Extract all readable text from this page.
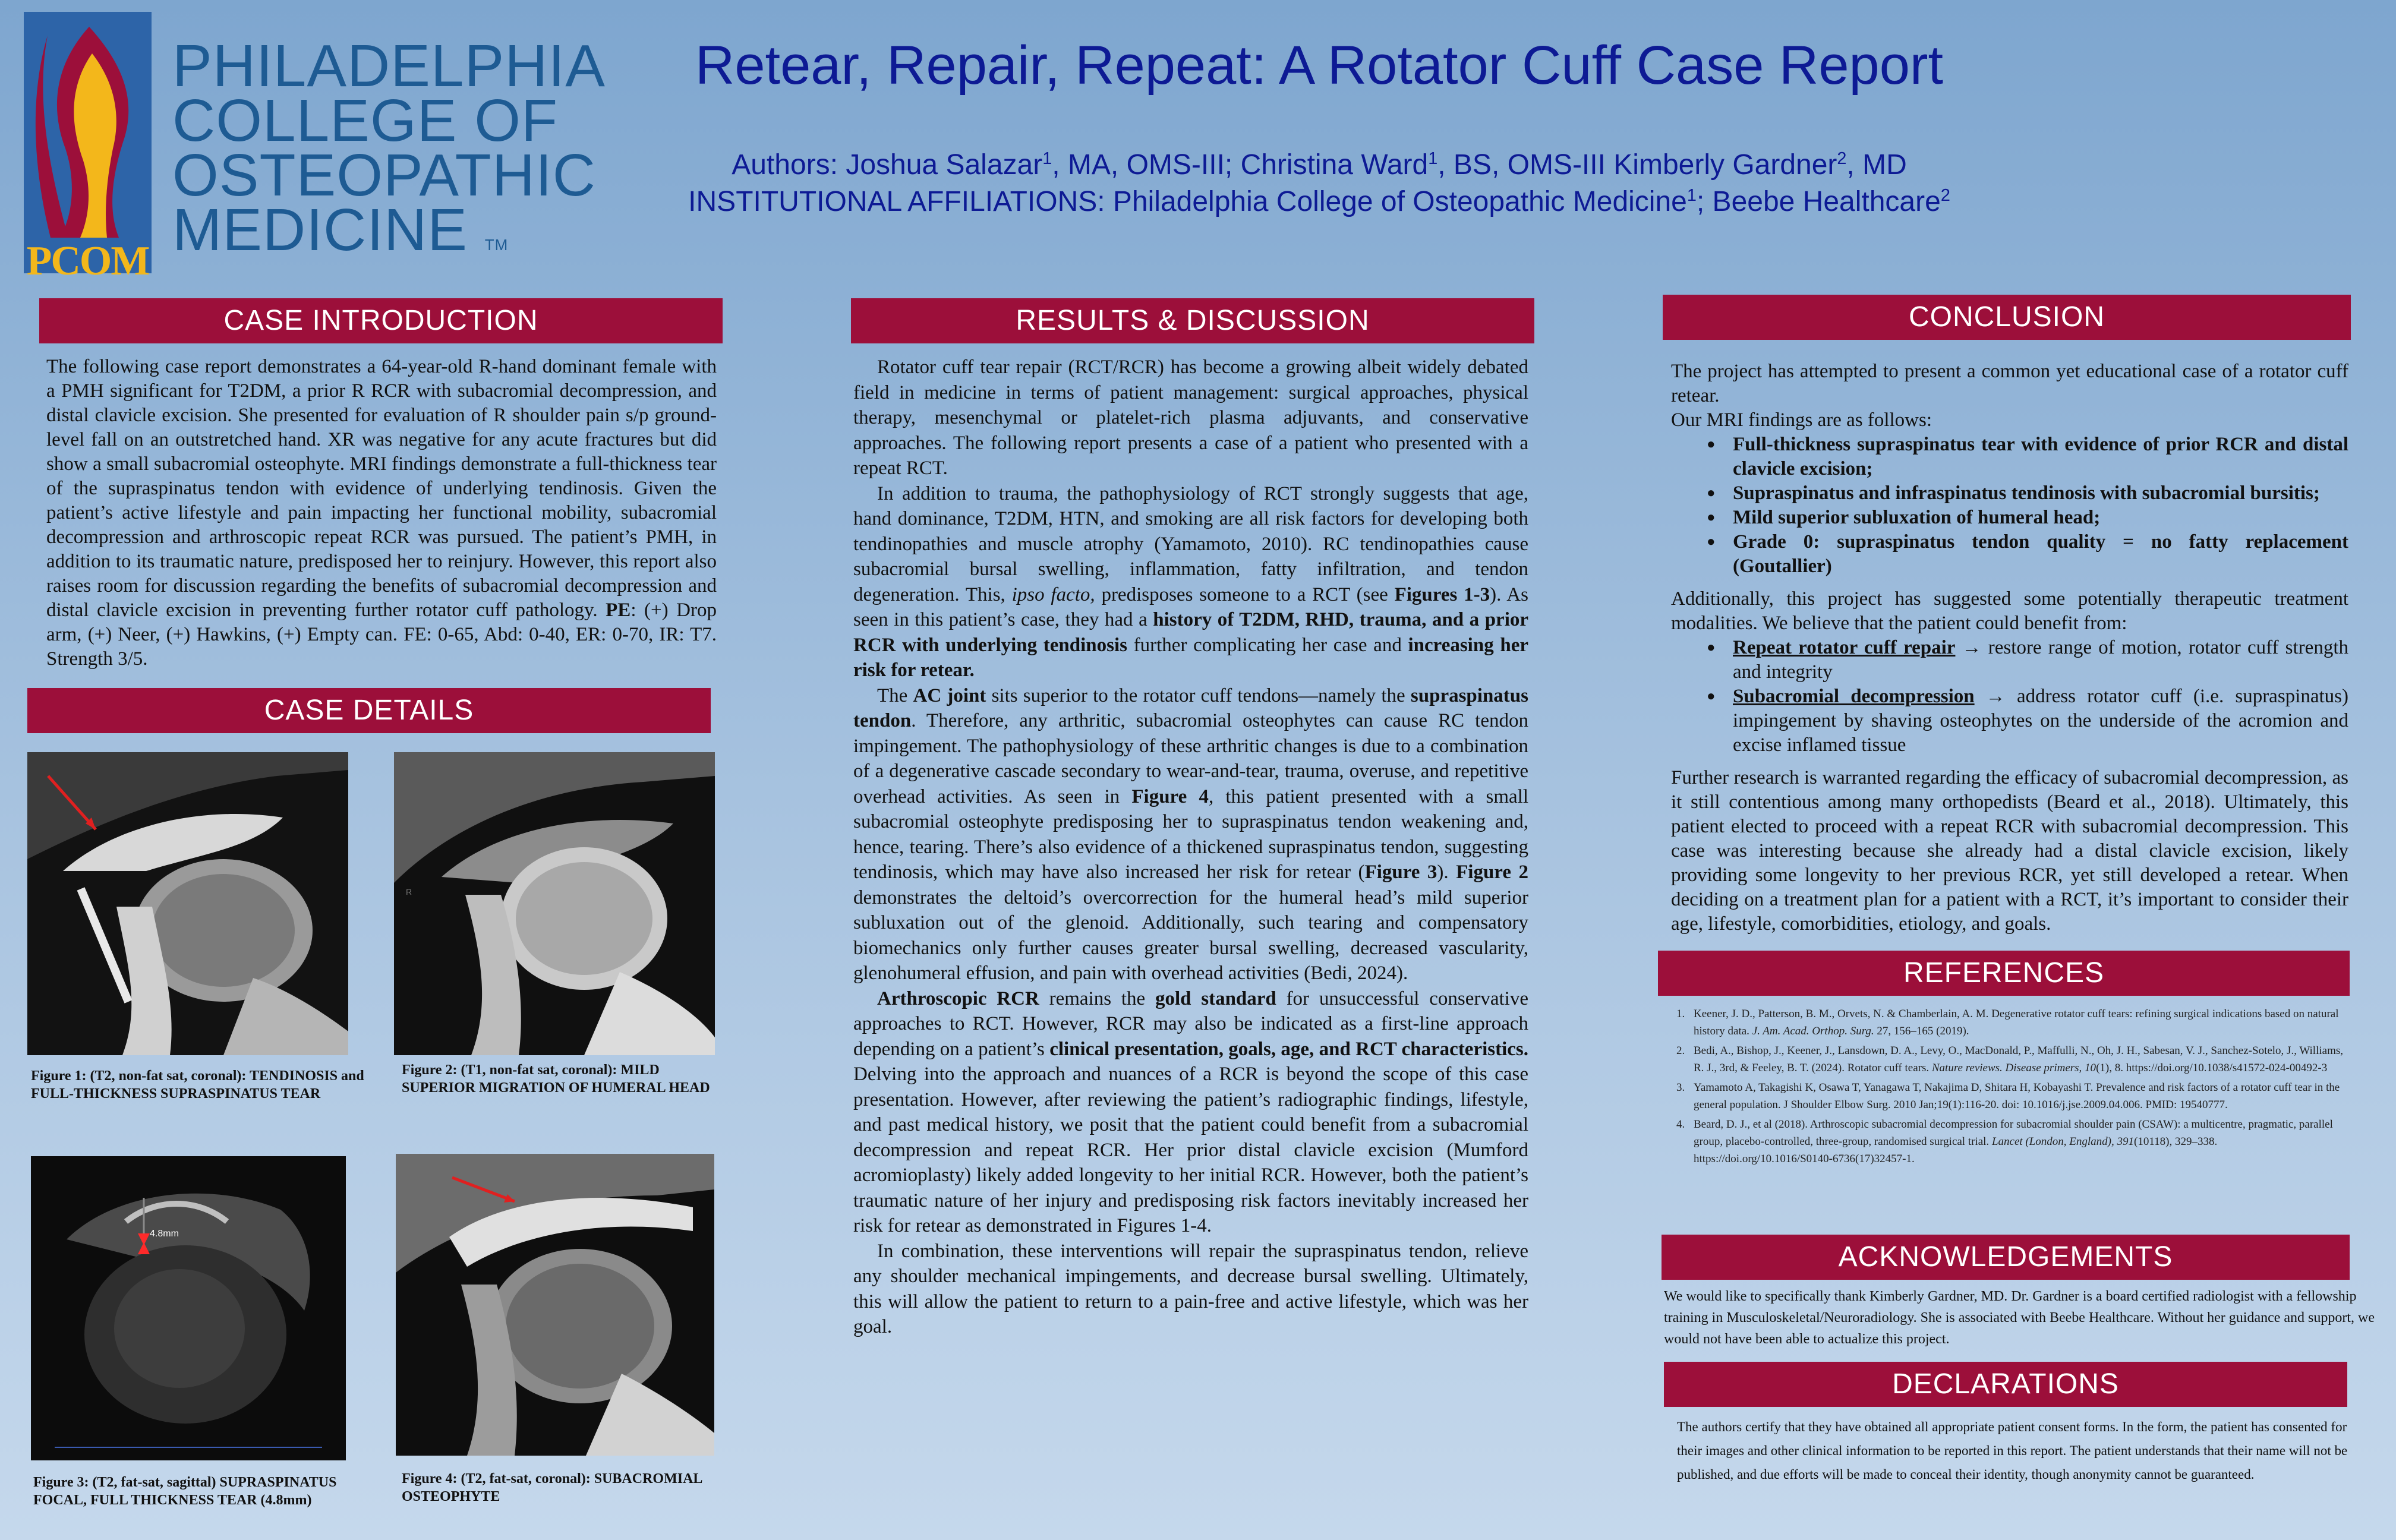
PCOM
PHILADELPHIA
COLLEGE OF
OSTEOPATHIC
MEDICINE TM
Retear, Repair, Repeat: A Rotator Cuff Case Report
Authors: Joshua Salazar$^1$, MA, OMS-III; Christina Ward$^1$, BS, OMS-III Kimberly Gardner$^2$, MD
INSTITUTIONAL AFFILIATIONS: Philadelphia College of Osteopathic Medicine$^1$; Beebe Healthcare$^2$
CASE INTRODUCTION
The following case report demonstrates a 64-year-old R-hand dominant female with a PMH significant for T2DM, a prior R RCR with subacromial decompression, and distal clavicle excision. She presented for evaluation of R shoulder pain s/p ground-level fall on an outstretched hand. XR was negative for any acute fractures but did show a small subacromial osteophyte. MRI findings demonstrate a full-thickness tear of the supraspinatus tendon with evidence of underlying tendinosis. Given the patient’s active lifestyle and pain impacting her functional mobility, subacromial decompression and arthroscopic repeat RCR was pursued. The patient’s PMH, in addition to its traumatic nature, predisposed her to reinjury. However, this report also raises room for discussion regarding the benefits of subacromial decompression and distal clavicle excision in preventing further rotator cuff pathology. PE: (+) Drop arm, (+) Neer, (+) Hawkins, (+) Empty can. FE: 0-65, Abd: 0-40, ER: 0-70, IR: T7. Strength 3/5.
CASE DETAILS
Figure 1: (T2, non-fat sat, coronal): TENDINOSIS and FULL-THICKNESS SUPRASPINATUS TEAR
R
Figure 2: (T1, non-fat sat, coronal): MILD SUPERIOR MIGRATION OF HUMERAL HEAD
4.8mm
Figure 3: (T2, fat-sat, sagittal) SUPRASPINATUS FOCAL, FULL THICKNESS TEAR (4.8mm)
Figure 4: (T2, fat-sat, coronal): SUBACROMIAL OSTEOPHYTE
RESULTS & DISCUSSION

Rotator cuff tear repair (RCT/RCR) has become a growing albeit widely debated field in medicine in terms of patient management: surgical approaches, physical therapy, mesenchymal or platelet-rich plasma adjuvants, and conservative approaches. The following report presents a case of a patient who presented with a repeat RCT.

In addition to trauma, the pathophysiology of RCT strongly suggests that age, hand dominance, T2DM, HTN, and smoking are all risk factors for developing both tendinopathies and muscle atrophy (Yamamoto, 2010). RC tendinopathies cause subacromial bursal swelling, inflammation, fatty infiltration, and tendon degeneration. This, ipso facto, predisposes someone to a RCT (see Figures 1-3). As seen in this patient’s case, they had a history of T2DM, RHD, trauma, and a prior RCR with underlying tendinosis further complicating her case and increasing her risk for retear.

The AC joint sits superior to the rotator cuff tendons—namely the supraspinatus tendon. Therefore, any arthritic, subacromial osteophytes can cause RC tendon impingement. The pathophysiology of these arthritic changes is due to a combination of a degenerative cascade secondary to wear-and-tear, trauma, overuse, and repetitive overhead activities. As seen in Figure 4, this patient presented with a small subacromial osteophyte predisposing her to supraspinatus tendon weakening and, hence, tearing. There’s also evidence of a thickened supraspinatus tendon, suggesting tendinosis, which may have also increased her risk for retear (Figure 3). Figure 2 demonstrates the deltoid’s overcorrection for the humeral head’s mild superior subluxation out of the glenoid. Additionally, such tearing and compensatory biomechanics only further causes greater bursal swelling, decreased vascularity, glenohumeral effusion, and pain with overhead activities (Bedi, 2024).

Arthroscopic RCR remains the gold standard for unsuccessful conservative approaches to RCT. However, RCR may also be indicated as a first-line approach depending on a patient’s clinical presentation, goals, age, and RCT characteristics. Delving into the approach and nuances of a RCR is beyond the scope of this case presentation. However, after reviewing the patient’s radiographic findings, lifestyle, and past medical history, we posit that the patient could benefit from a subacromial decompression and repeat RCR. Her prior distal clavicle excision (Mumford acromioplasty) likely added longevity to her initial RCR. However, both the patient’s traumatic nature of her injury and predisposing risk factors inevitably increased her risk for retear as demonstrated in Figures 1-4.

In combination, these interventions will repair the supraspinatus tendon, relieve any shoulder mechanical impingements, and decrease bursal swelling. Ultimately, this will allow the patient to return to a pain-free and active lifestyle, which was her goal.

CONCLUSION

The project has attempted to present a common yet educational case of a rotator cuff retear.

Our MRI findings are as follows:

● Full-thickness supraspinatus tear with evidence of prior RCR and distal clavicle excision;
● Supraspinatus and infraspinatus tendinosis with subacromial bursitis;
● Mild superior subluxation of humeral head;
● Grade 0: supraspinatus tendon quality = no fatty replacement (Goutallier)

Additionally, this project has suggested some potentially therapeutic treatment modalities. We believe that the patient could benefit from:

● Repeat rotator cuff repair → restore range of motion, rotator cuff strength and integrity
● Subacromial decompression → address rotator cuff (i.e. supraspinatus) impingement by shaving osteophytes on the underside of the acromion and excise inflamed tissue

Further research is warranted regarding the efficacy of subacromial decompression, as it still contentious among many orthopedists (Beard et al., 2018). Ultimately, this patient elected to proceed with a repeat RCR with subacromial decompression. This case was interesting because she already had a distal clavicle excision, likely providing some longevity to her previous RCR, yet still developed a retear. When deciding on a treatment plan for a patient with a RCT, it’s important to consider their age, lifestyle, comorbidities, etiology, and goals.

REFERENCES
1. Keener, J. D., Patterson, B. M., Orvets, N. & Chamberlain, A. M. Degenerative rotator cuff tears: refining surgical indications based on natural history data. J. Am. Acad. Orthop. Surg. 27, 156–165 (2019).
2. Bedi, A., Bishop, J., Keener, J., Lansdown, D. A., Levy, O., MacDonald, P., Maffulli, N., Oh, J. H., Sabesan, V. J., Sanchez-Sotelo, J., Williams, R. J., 3rd, & Feeley, B. T. (2024). Rotator cuff tears. Nature reviews. Disease primers, 10(1), 8. https://doi.org/10.1038/s41572-024-00492-3
3. Yamamoto A, Takagishi K, Osawa T, Yanagawa T, Nakajima D, Shitara H, Kobayashi T. Prevalence and risk factors of a rotator cuff tear in the general population. J Shoulder Elbow Surg. 2010 Jan;19(1):116-20. doi: 10.1016/j.jse.2009.04.006. PMID: 19540777.
4. Beard, D. J., et al (2018). Arthroscopic subacromial decompression for subacromial shoulder pain (CSAW): a multicentre, pragmatic, parallel group, placebo-controlled, three-group, randomised surgical trial. Lancet (London, England), 391(10118), 329–338. https://doi.org/10.1016/S0140-6736(17)32457-1.
ACKNOWLEDGEMENTS
We would like to specifically thank Kimberly Gardner, MD. Dr. Gardner is a board certified radiologist with a fellowship training in Musculoskeletal/Neuroradiology. She is associated with Beebe Healthcare. Without her guidance and support, we would not have been able to actualize this project.
DECLARATIONS
The authors certify that they have obtained all appropriate patient consent forms. In the form, the patient has consented for their images and other clinical information to be reported in this report. The patient understands that their name will not be published, and due efforts will be made to conceal their identity, though anonymity cannot be guaranteed.
